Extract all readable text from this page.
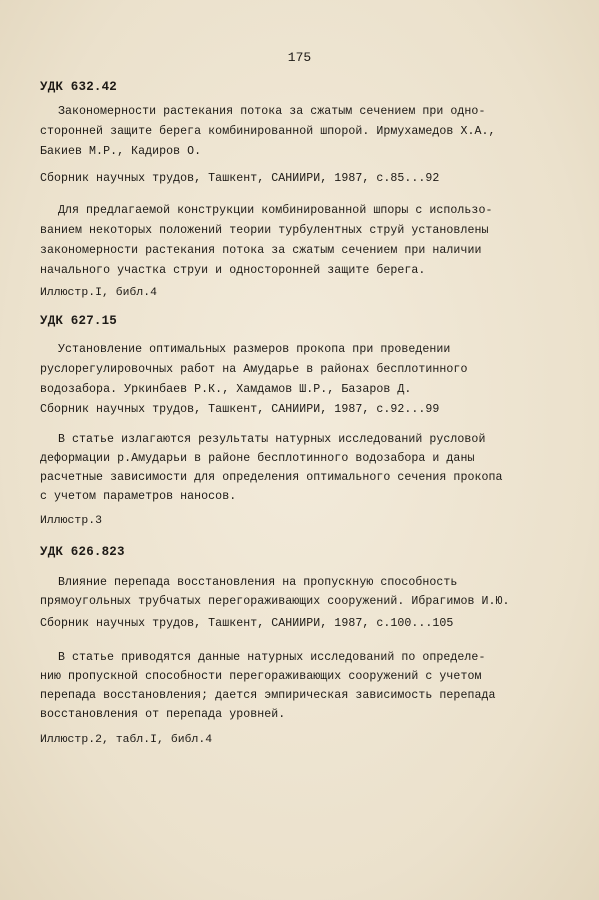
175
УДК 632.42
Закономерности растекания потока за сжатым сечением при одно-
сторонней защите берега комбинированной шпорой. Ирмухамедов Х.А.,
Бакиев М.Р., Кадиров О.
Сборник научных трудов, Ташкент, САНИИРИ, 1987, с.85...92
Для предлагаемой конструкции комбинированной шпоры с использо-
ванием некоторых положений теории турбулентных струй установлены
закономерности растекания потока за сжатым сечением при наличии
начального участка струи и односторонней защите берега.
Иллюстр.I, библ.4
УДК 627.15
Установление оптимальных размеров прокопа при проведении
руслорегулировочных работ на Амударье в районах бесплотинного
водозабора. Уркинбаев Р.К., Хамдамов Ш.Р., Базаров Д.
Сборник научных трудов, Ташкент, САНИИРИ, 1987, с.92...99
В статье излагаются результаты натурных исследований русловой
деформации р.Амударьи в районе бесплотинного водозабора и даны
расчетные зависимости для определения оптимального сечения прокопа
с учетом параметров наносов.
Иллюстр.3
УДК 626.823
Влияние перепада восстановления на пропускную способность
прямоугольных трубчатых перегораживающих сооружений. Ибрагимов И.Ю.
Сборник научных трудов, Ташкент, САНИИРИ, 1987, с.100...105
В статье приводятся данные натурных исследований по определе-
нию пропускной способности перегораживающих сооружений с учетом
перепада восстановления; дается эмпирическая зависимость перепада
восстановления от перепада уровней.
Иллюстр.2, табл.I, библ.4
